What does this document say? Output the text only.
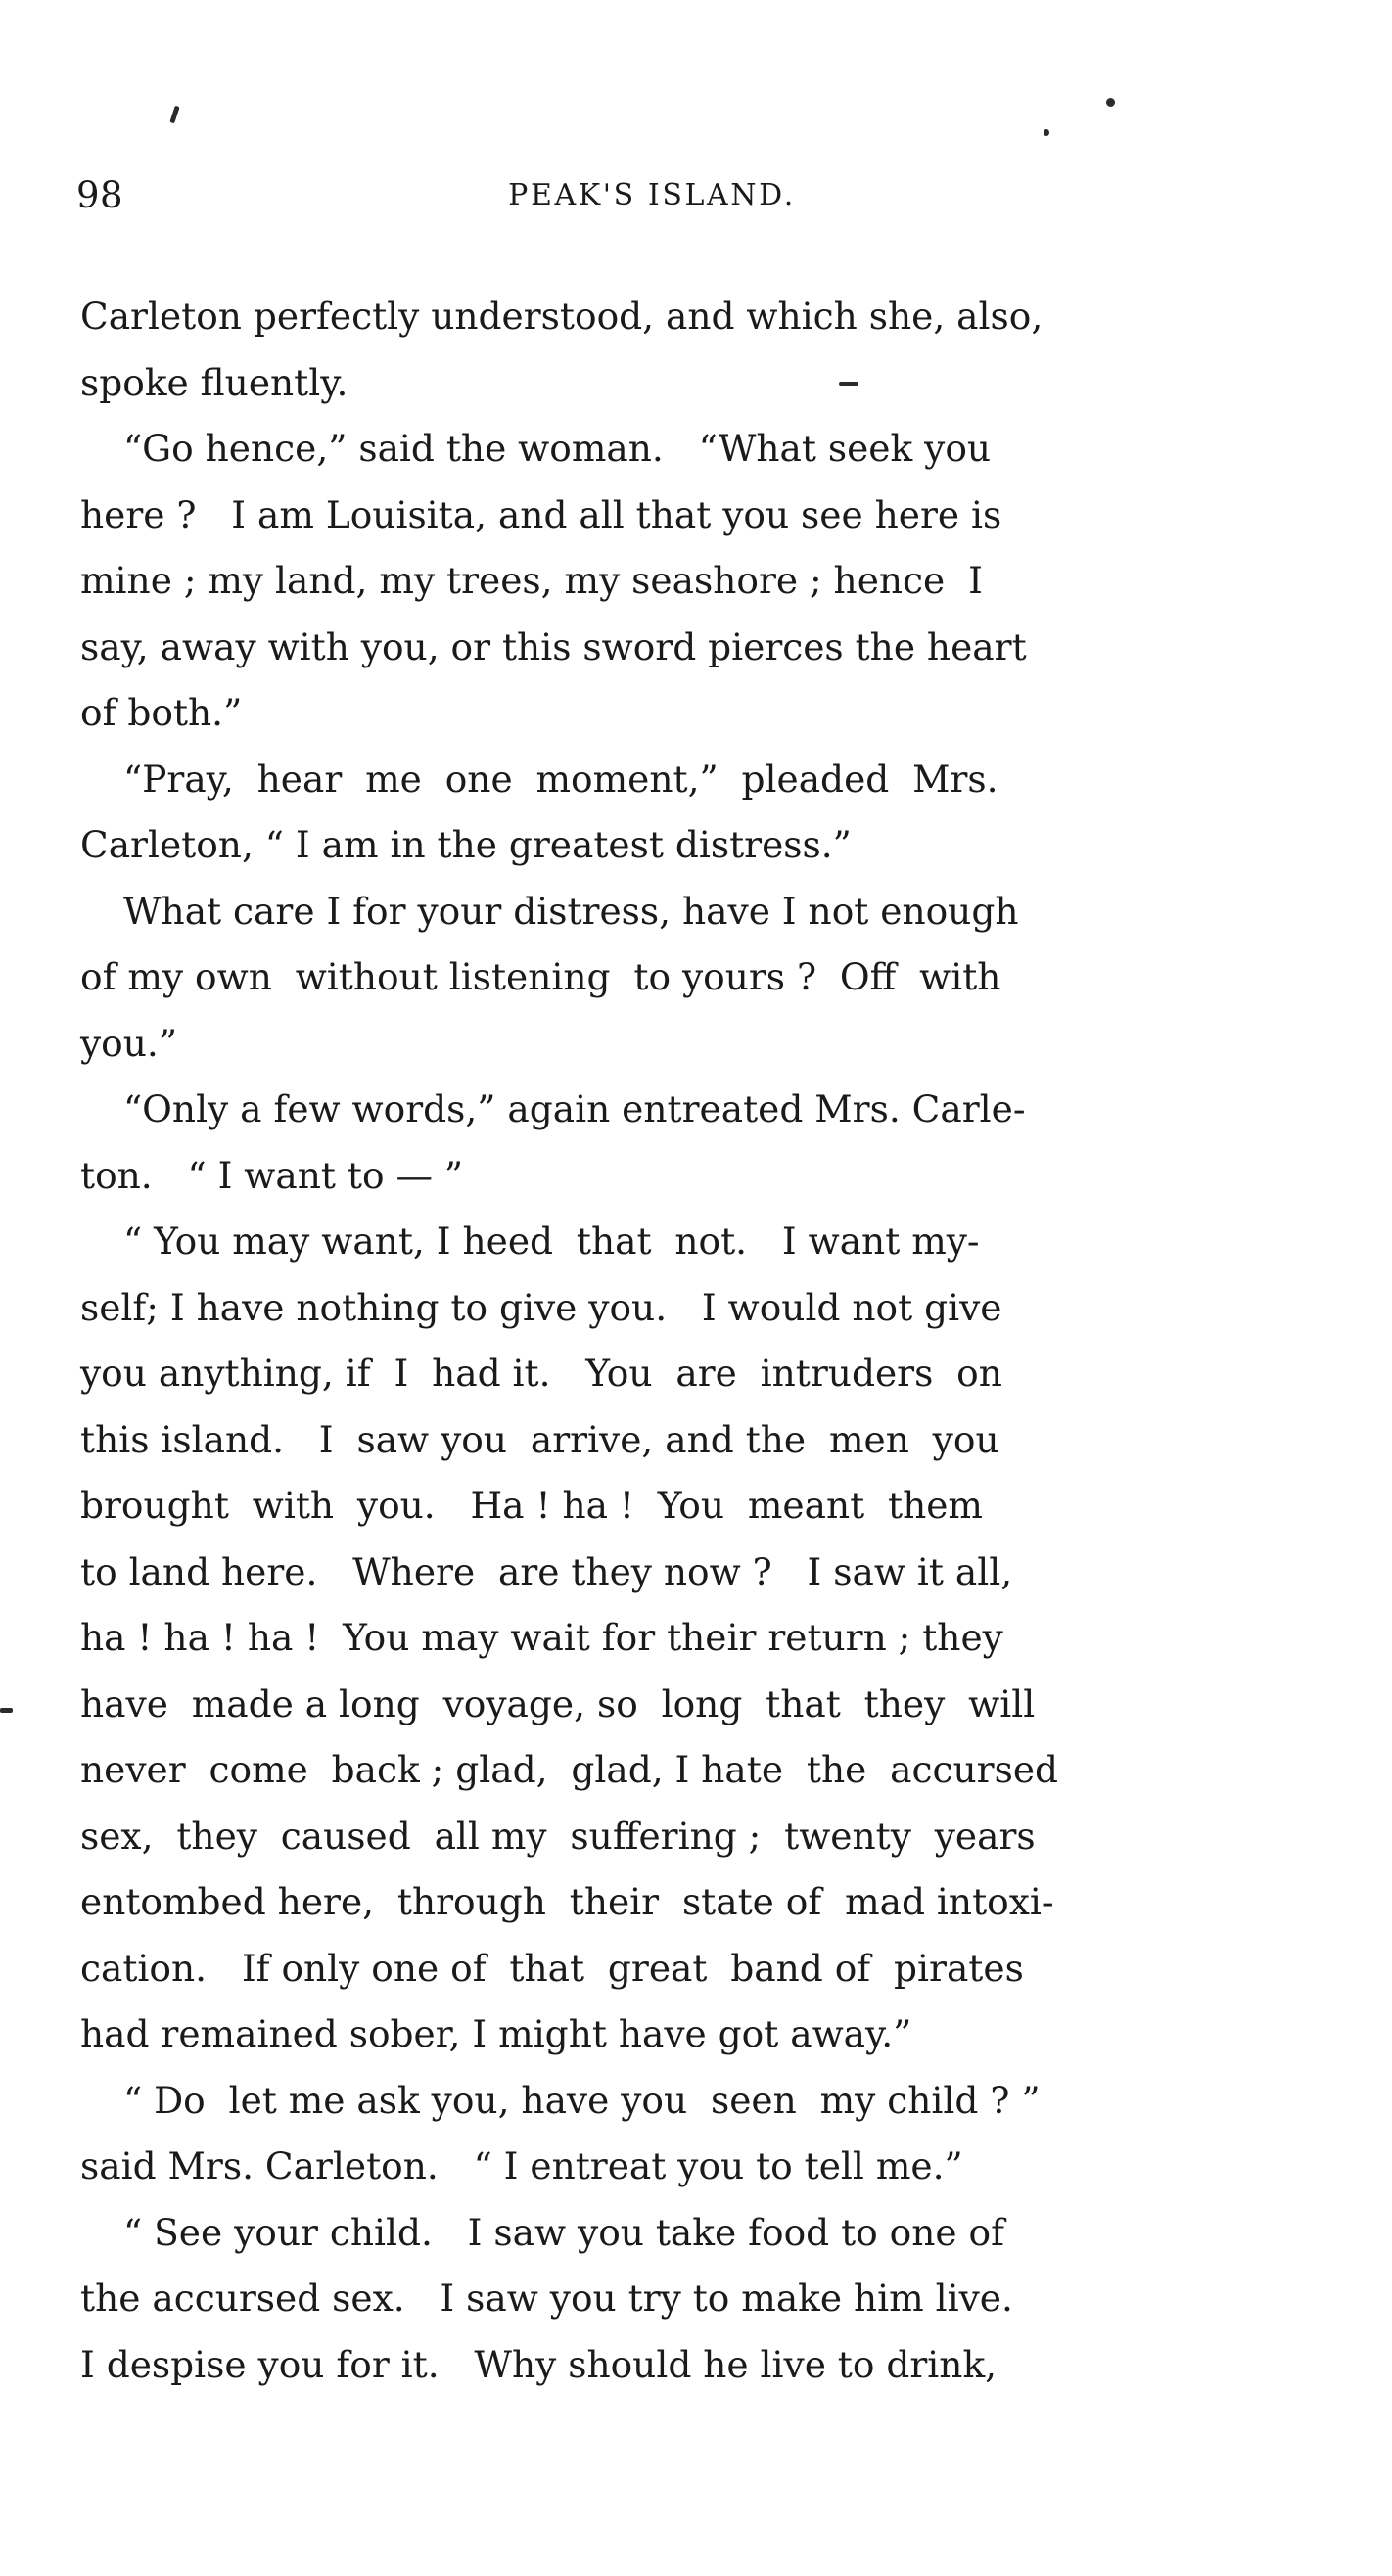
98	PEAK'S ISLAND.
Carleton perfectly understood, and which she, also,
spoke fluently.
“Go hence,” said the woman.   “What seek you
here ?   I am Louisita, and all that you see here is
mine ; my land, my trees, my seashore ; hence  I
say, away with you, or this sword pierces the heart
of both.”
“Pray,  hear  me  one  moment,”  pleaded  Mrs.
Carleton, “ I am in the greatest distress.”
What care I for your distress, have I not enough
of my own  without listening  to yours ?  Off  with
you.”
“Only a few words,” again entreated Mrs. Carle-
ton.   “ I want to — ”
“ You may want, I heed  that  not.   I want my-
self; I have nothing to give you.   I would not give
you anything, if  I  had it.   You  are  intruders  on
this island.   I  saw you  arrive, and the  men  you
brought  with  you.   Ha ! ha !  You  meant  them
to land here.   Where  are they now ?   I saw it all,
ha ! ha ! ha !  You may wait for their return ; they
have  made a long  voyage, so  long  that  they  will
never  come  back ; glad,  glad, I hate  the  accursed
sex,  they  caused  all my  suffering ;  twenty  years
entombed here,  through  their  state of  mad intoxi-
cation.   If only one of  that  great  band of  pirates
had remained sober, I might have got away.”
“ Do  let me ask you, have you  seen  my child ? ”
said Mrs. Carleton.   “ I entreat you to tell me.”
“ See your child.   I saw you take food to one of
the accursed sex.   I saw you try to make him live.
I despise you for it.   Why should he live to drink,
